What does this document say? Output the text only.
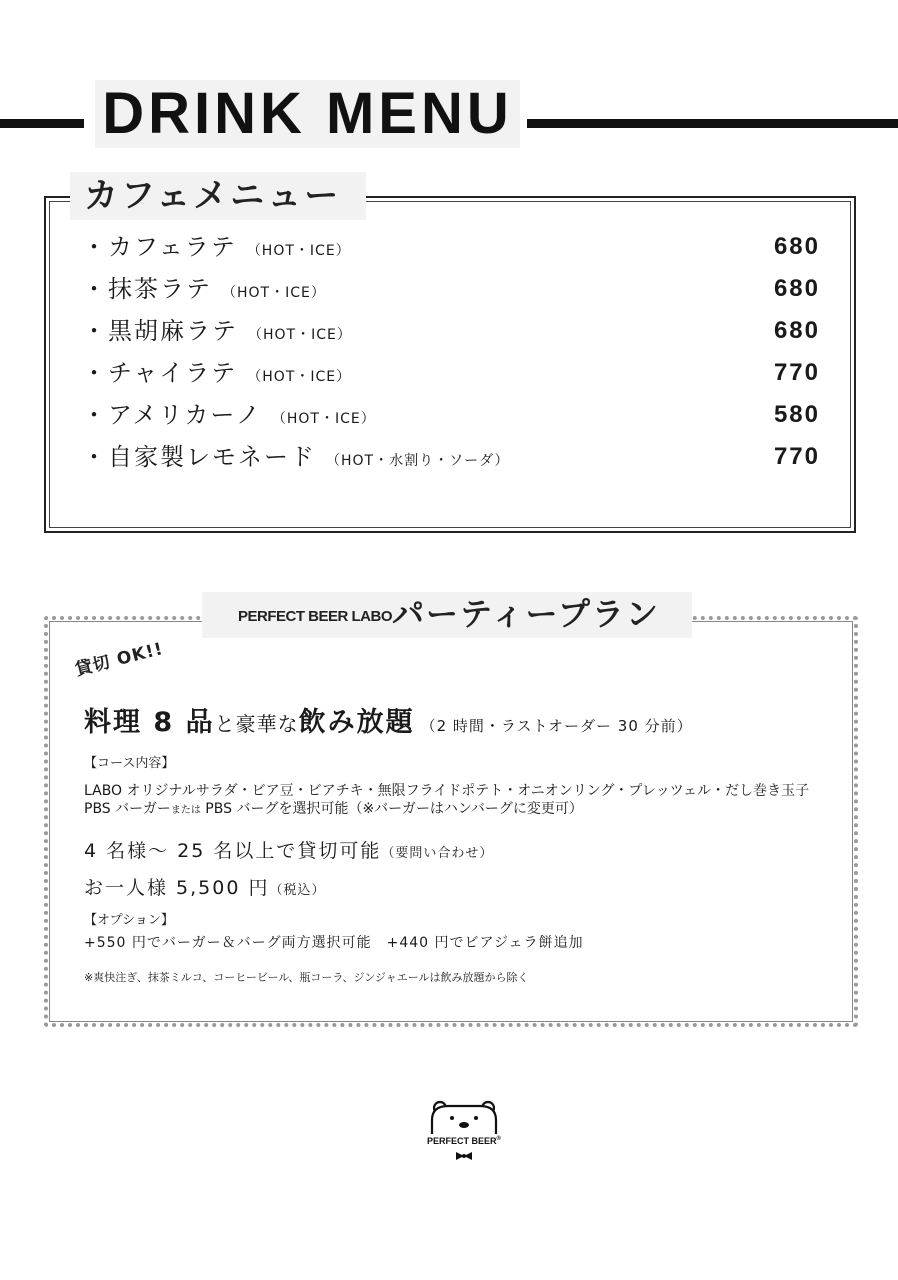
DRINK MENU
カフェメニュー
・カフェラテ （HOT・ICE）	680
・抹茶ラテ （HOT・ICE）	680
・黒胡麻ラテ （HOT・ICE）	680
・チャイラテ （HOT・ICE）	770
・アメリカーノ （HOT・ICE）	580
・自家製レモネード （HOT・水割り・ソーダ）	770
PERFECT BEER LABO パーティープラン
貸切 OK!!
料理 8 品と豪華な飲み放題 （2 時間・ラストオーダー 30 分前）
【コース内容】
LABO オリジナルサラダ・ビア豆・ビアチキ・無限フライドポテト・オニオンリング・プレッツェル・だし巻き玉子
PBS バーガーまたは PBS バーグを選択可能（※バーガーはハンバーグに変更可）
4 名様～ 25 名以上で貸切可能（要問い合わせ）
お一人様 5,500 円（税込）
【オプション】
+550 円でバーガー＆バーグ両方選択可能　+440 円でビアジェラ餅追加
※爽快注ぎ、抹茶ミルコ、コーヒービール、瓶コーラ、ジンジャエールは飲み放題から除く
PERFECT BEER®
